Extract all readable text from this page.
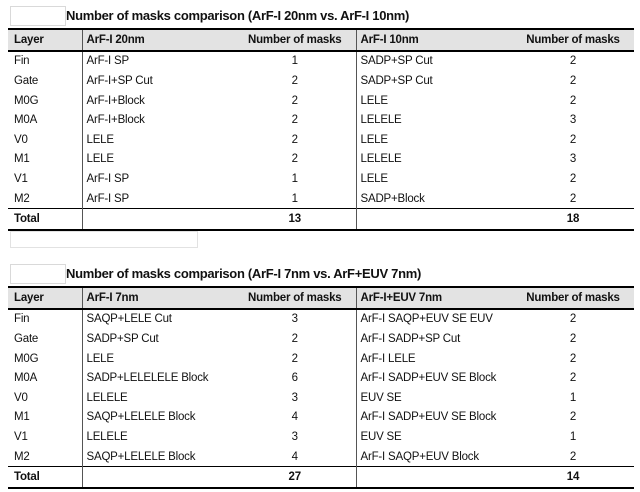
Number of masks comparison (ArF-I 20nm vs. ArF-I 10nm)
Layer	ArF-I 20nm	Number of masks	ArF-I 10nm	Number of masks
Fin	ArF-I SP	1	SADP+SP Cut	2
Gate	ArF-I+SP Cut	2	SADP+SP Cut	2
M0G	ArF-I+Block	2	LELE	2
M0A	ArF-I+Block	2	LELELE	3
V0	LELE	2	LELE	2
M1	LELE	2	LELELE	3
V1	ArF-I SP	1	LELE	2
M2	ArF-I SP	1	SADP+Block	2
Total		13		18
Number of masks comparison (ArF-I 7nm vs. ArF+EUV 7nm)
Layer	ArF-I 7nm	Number of masks	ArF-I+EUV 7nm	Number of masks
Fin	SAQP+LELE Cut	3	ArF-I SAQP+EUV SE EUV	2
Gate	SADP+SP Cut	2	ArF-I SADP+SP Cut	2
M0G	LELE	2	ArF-I LELE	2
M0A	SADP+LELELELE Block	6	ArF-I SADP+EUV SE Block	2
V0	LELELE	3	EUV SE	1
M1	SAQP+LELELE Block	4	ArF-I SADP+EUV SE Block	2
V1	LELELE	3	EUV SE	1
M2	SAQP+LELELE Block	4	ArF-I SAQP+EUV Block	2
Total		27		14
